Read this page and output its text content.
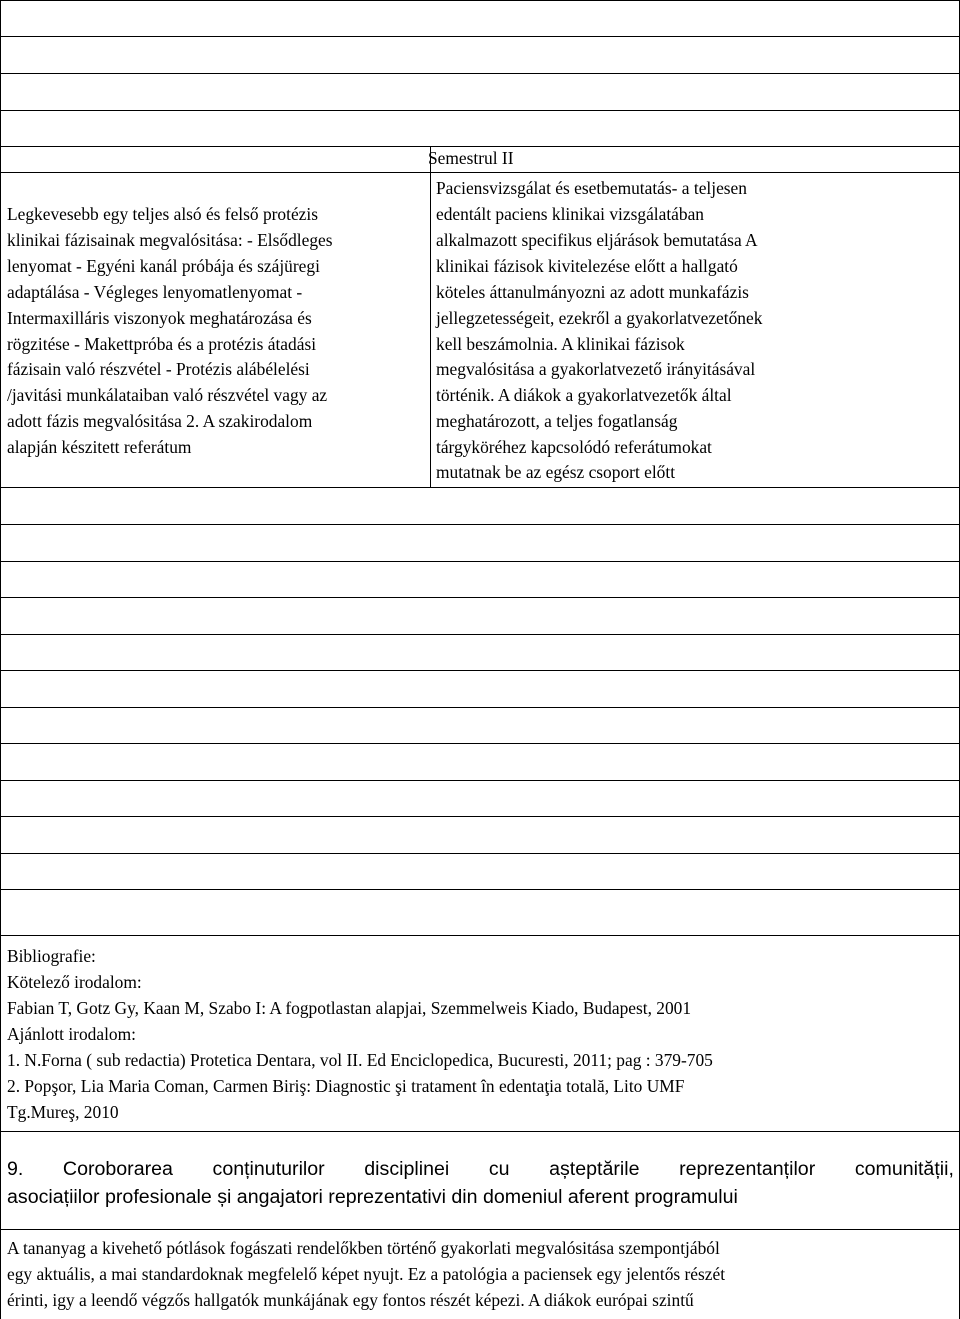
Semestrul II

Legkevesebb egy teljes alsó és felső protézis

klinikai fázisainak megvalósitása: - Elsődleges

lenyomat - Egyéni kanál próbája és szájüregi

adaptálása - Végleges lenyomatlenyomat -

Intermaxilláris viszonyok meghatározása és

rögzitése - Makettpróba és a protézis átadási

fázisain való részvétel - Protézis alábélelési

/javitási munkálataiban való részvétel vagy az

adott fázis megvalósitása 2. A szakirodalom

alapján készitett referátum

Paciensvizsgálat és esetbemutatás- a teljesen

edentált paciens klinikai vizsgálatában

alkalmazott specifikus eljárások bemutatása A

klinikai fázisok kivitelezése előtt a hallgató

köteles áttanulmányozni az adott munkafázis

jellegzetességeit, ezekről a gyakorlatvezetőnek

kell beszámolnia. A klinikai fázisok

megvalósitása a gyakorlatvezető irányitásával

történik. A diákok a gyakorlatvezetők által

meghatározott, a teljes fogatlanság

tárgyköréhez kapcsolódó referátumokat

mutatnak be az egész csoport előtt

Bibliografie:

Kötelező irodalom:

Fabian T, Gotz Gy, Kaan M, Szabo I: A fogpotlastan alapjai, Szemmelweis Kiado, Budapest, 2001

Ajánlott irodalom:

1. N.Forna ( sub redactia) Protetica Dentara, vol II. Ed Enciclopedica, Bucuresti, 2011; pag : 379-705

2. Popşor, Lia Maria Coman, Carmen Biriş: Diagnostic şi tratament în edentaţia totală, Lito UMF

Tg.Mureş, 2010

9. Coroborarea conținuturilor disciplinei cu așteptările reprezentanților comunității,

asociațiilor profesionale și angajatori reprezentativi din domeniul aferent programului

A tananyag a kivehető pótlások fogászati rendelőkben történő gyakorlati megvalósitása szempontjából

egy aktuális, a mai standardoknak megfelelő képet nyujt. Ez a patológia a paciensek egy jelentős részét

érinti, igy a leendő végzős hallgatók munkájának egy fontos részét képezi. A diákok európai szintű
